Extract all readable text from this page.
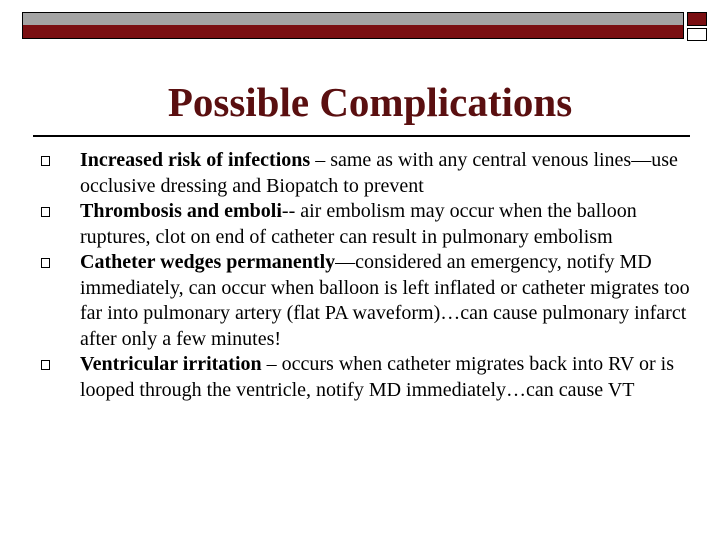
Possible Complications
Increased risk of infections – same as with any central venous lines—use occlusive dressing and Biopatch to prevent
Thrombosis and emboli-- air embolism may occur when the balloon ruptures, clot on end of catheter can result in pulmonary embolism
Catheter wedges permanently—considered an emergency, notify MD immediately, can occur when balloon is left inflated or catheter migrates too far into pulmonary artery (flat PA waveform)…can cause pulmonary infarct after only a few minutes!
Ventricular irritation – occurs when catheter migrates back into RV or is looped through the ventricle, notify MD immediately…can cause VT
